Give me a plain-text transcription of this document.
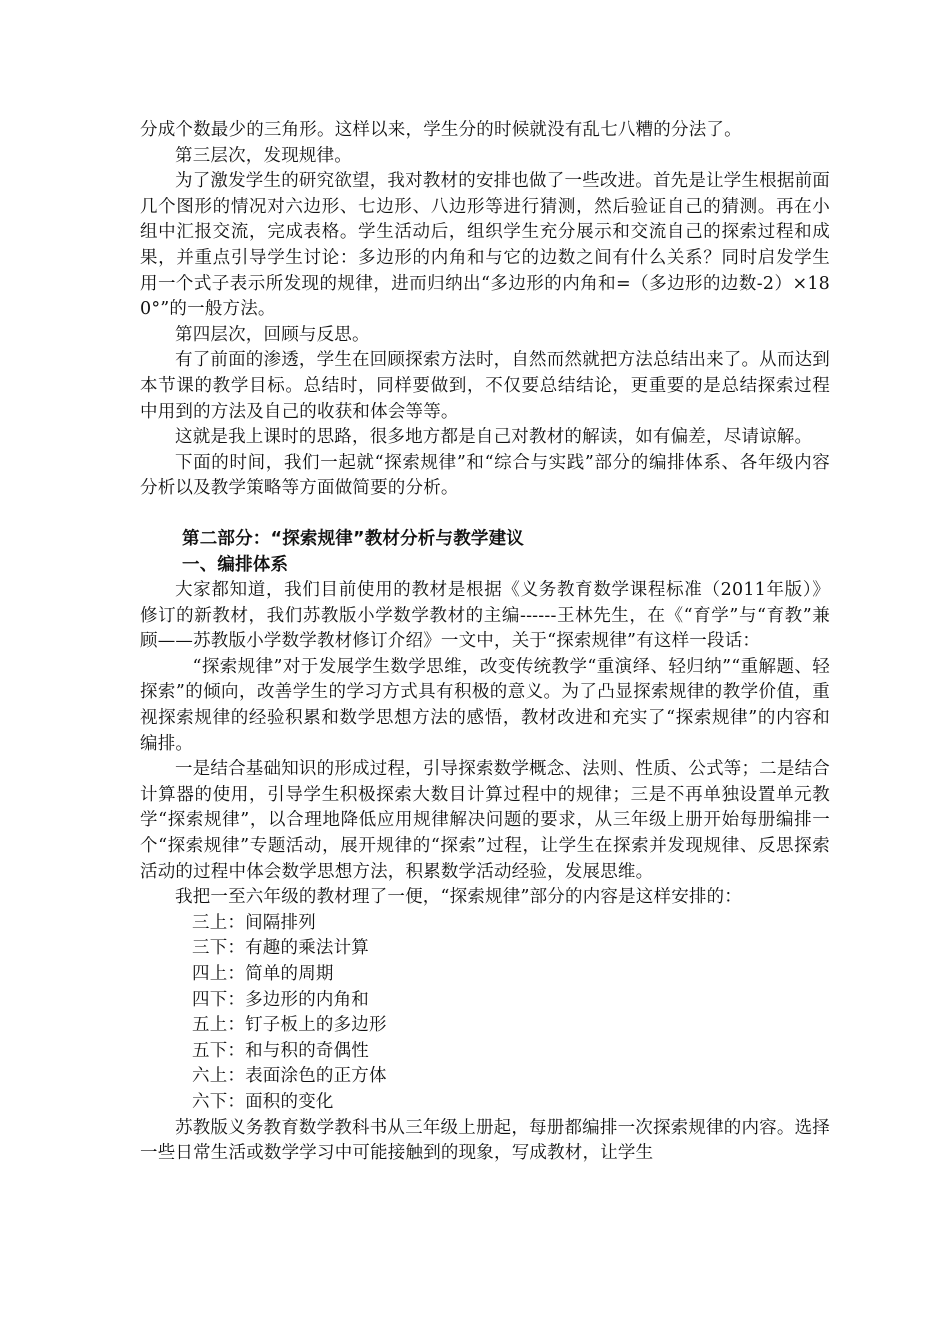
分成个数最少的三角形。这样以来，学生分的时候就没有乱七八糟的分法了。

第三层次，发现规律。

为了激发学生的研究欲望，我对教材的安排也做了一些改进。首先是让学生根据前面几个图形的情况对六边形、七边形、八边形等进行猜测，然后验证自己的猜测。再在小组中汇报交流，完成表格。学生活动后，组织学生充分展示和交流自己的探索过程和成果，并重点引导学生讨论：多边形的内角和与它的边数之间有什么关系？同时启发学生用一个式子表示所发现的规律，进而归纳出“多边形的内角和=（多边形的边数-2）×180°”的一般方法。

第四层次，回顾与反思。

有了前面的渗透，学生在回顾探索方法时，自然而然就把方法总结出来了。从而达到本节课的教学目标。总结时，同样要做到，不仅要总结结论，更重要的是总结探索过程中用到的方法及自己的收获和体会等等。

这就是我上课时的思路，很多地方都是自己对教材的解读，如有偏差，尽请谅解。

下面的时间，我们一起就“探索规律”和“综合与实践”部分的编排体系、各年级内容分析以及教学策略等方面做简要的分析。

第二部分：“探索规律”教材分析与教学建议
一、编排体系

大家都知道，我们目前使用的教材是根据《义务教育数学课程标准（2011年版）》修订的新教材，我们苏教版小学数学教材的主编------王林先生，在《“育学”与“育教”兼顾——苏教版小学数学教材修订介绍》一文中，关于“探索规律”有这样一段话：

“探索规律”对于发展学生数学思维，改变传统教学“重演绎、轻归纳”“重解题、轻探索”的倾向，改善学生的学习方式具有积极的意义。为了凸显探索规律的教学价值，重视探索规律的经验积累和数学思想方法的感悟，教材改进和充实了“探索规律”的内容和编排。

一是结合基础知识的形成过程，引导探索数学概念、法则、性质、公式等；二是结合计算器的使用，引导学生积极探索大数目计算过程中的规律；三是不再单独设置单元教学“探索规律”，以合理地降低应用规律解决问题的要求，从三年级上册开始每册编排一个“探索规律”专题活动，展开规律的“探索”过程，让学生在探索并发现规律、反思探索活动的过程中体会数学思想方法，积累数学活动经验，发展思维。

我把一至六年级的教材理了一便，“探索规律”部分的内容是这样安排的：

三上：间隔排列

三下：有趣的乘法计算

四上：简单的周期

四下：多边形的内角和

五上：钉子板上的多边形

五下：和与积的奇偶性

六上：表面涂色的正方体

六下：面积的变化

苏教版义务教育数学教科书从三年级上册起，每册都编排一次探索规律的内容。选择一些日常生活或数学学习中可能接触到的现象，写成教材，让学生
